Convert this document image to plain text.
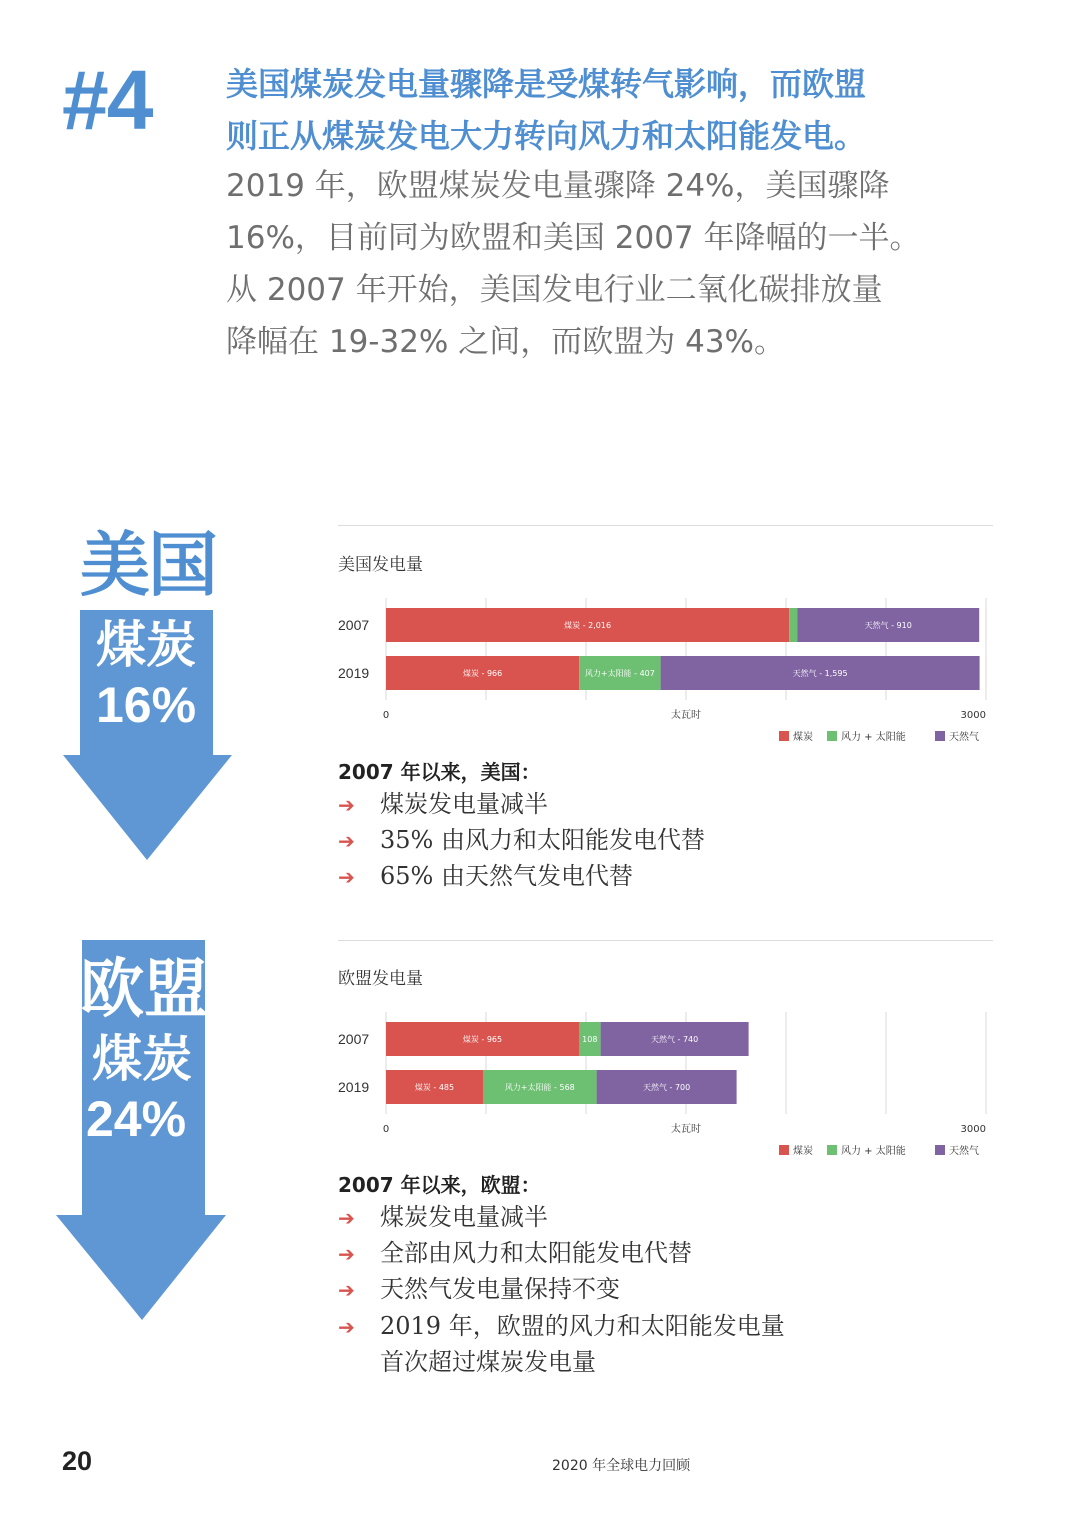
#4 美国煤炭发电量骤降是受煤转气影响，而欧盟
则正从煤炭发电大力转向风力和太阳能发电。
2019 年，欧盟煤炭发电量骤降 24%，美国骤降
16%，目前同为欧盟和美国 2007 年降幅的一半。
从 2007 年开始，美国发电行业二氧化碳排放量
降幅在 19-32% 之间，而欧盟为 43%。
美国
煤炭
16%
欧盟
煤炭
24%
美国发电量
2007	煤炭 - 2,016	天然气 - 910
2019	煤炭 - 966	风力+太阳能 - 407	天然气 - 1,595
0	3000
太瓦时
煤炭	风力 + 太阳能	天然气
2007 年以来，美国：
➔ 煤炭发电量减半
➔ 35% 由风力和太阳能发电代替
➔ 65% 由天然气发电代替
欧盟发电量
2007	煤炭 - 965	108	天然气 - 740
2019	煤炭 - 485	风力+太阳能 - 568	天然气 - 700
0	3000
太瓦时
煤炭	风力 + 太阳能	天然气
2007 年以来，欧盟：
➔ 煤炭发电量减半
➔ 全部由风力和太阳能发电代替
➔ 天然气发电量保持不变
➔ 2019 年，欧盟的风力和太阳能发电量
首次超过煤炭发电量
20	2020 年全球电力回顾
